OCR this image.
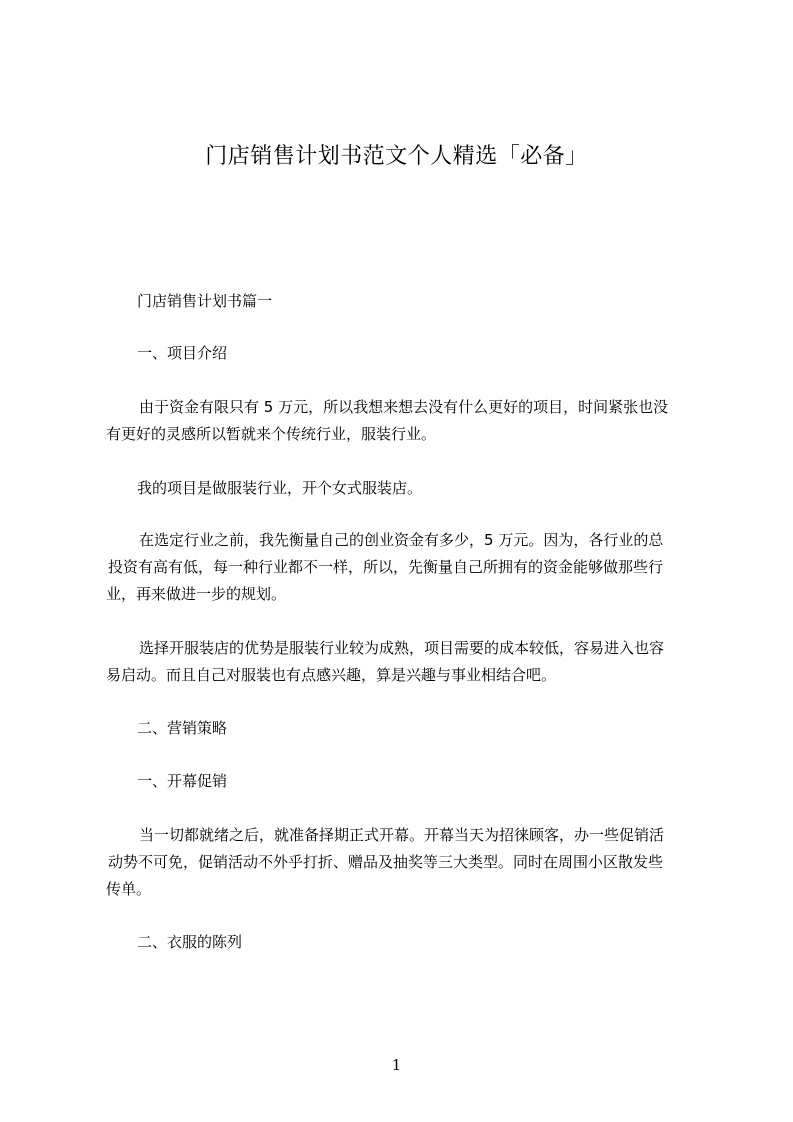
门店销售计划书范文个人精选「必备」
门店销售计划书篇一
一、项目介绍
由于资金有限只有 5 万元，所以我想来想去没有什么更好的项目，时间紧张也没
有更好的灵感所以暂就来个传统行业，服装行业。
我的项目是做服装行业，开个女式服装店。
在选定行业之前，我先衡量自己的创业资金有多少，5 万元。因为，各行业的总
投资有高有低，每一种行业都不一样，所以，先衡量自己所拥有的资金能够做那些行
业，再来做进一步的规划。
选择开服装店的优势是服装行业较为成熟，项目需要的成本较低，容易进入也容
易启动。而且自己对服装也有点感兴趣，算是兴趣与事业相结合吧。
二、营销策略
一、开幕促销
当一切都就绪之后，就准备择期正式开幕。开幕当天为招徕顾客，办一些促销活
动势不可免，促销活动不外乎打折、赠品及抽奖等三大类型。同时在周围小区散发些
传单。
二、衣服的陈列
1
